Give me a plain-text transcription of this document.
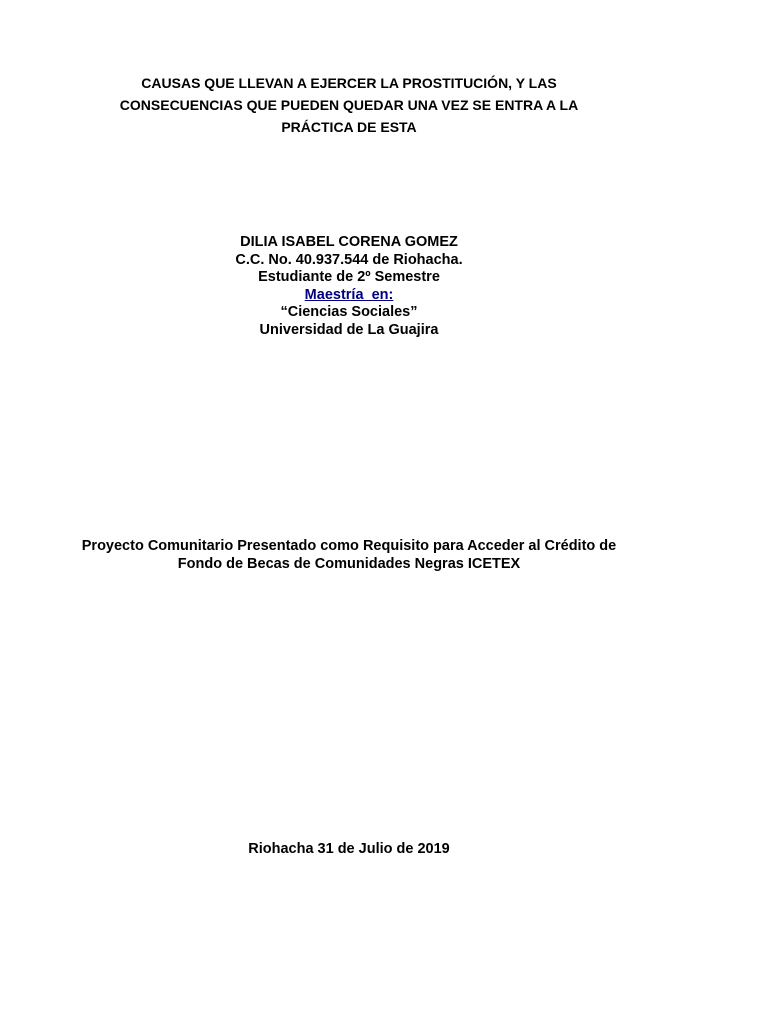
CAUSAS QUE LLEVAN A EJERCER LA PROSTITUCIÓN, Y LAS
CONSECUENCIAS QUE PUEDEN QUEDAR UNA VEZ SE ENTRA A LA
PRÁCTICA DE ESTA
DILIA ISABEL CORENA GOMEZ
C.C. No. 40.937.544 de Riohacha.
Estudiante de 2º Semestre
Maestría  en:
“Ciencias Sociales”
Universidad de La Guajira
Proyecto Comunitario Presentado como Requisito para Acceder al Crédito de
Fondo de Becas de Comunidades Negras ICETEX
Riohacha 31 de Julio de 2019
